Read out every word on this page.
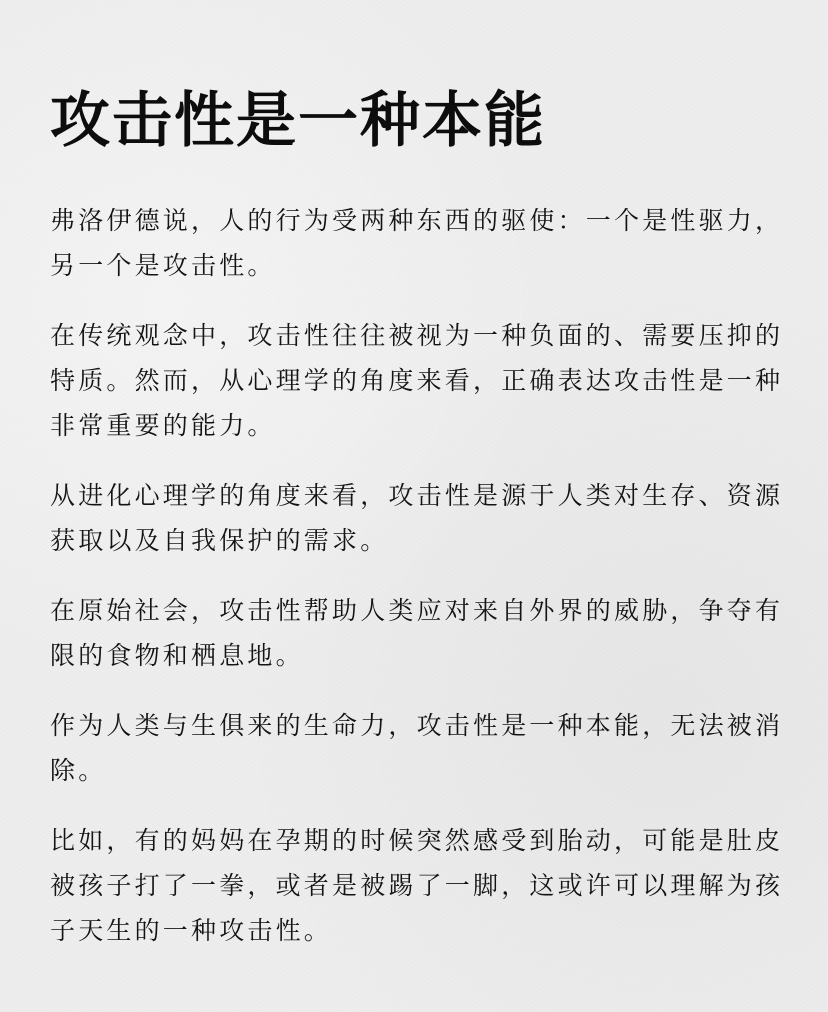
攻击性是一种本能

弗洛伊德说，人的行为受两种东西的驱使：一个是性驱力，另一个是攻击性。

在传统观念中，攻击性往往被视为一种负面的、需要压抑的特质。然而，从心理学的角度来看，正确表达攻击性是一种非常重要的能力。

从进化心理学的角度来看，攻击性是源于人类对生存、资源获取以及自我保护的需求。

在原始社会，攻击性帮助人类应对来自外界的威胁，争夺有限的食物和栖息地。

作为人类与生俱来的生命力，攻击性是一种本能，无法被消除。

比如，有的妈妈在孕期的时候突然感受到胎动，可能是肚皮被孩子打了一拳，或者是被踢了一脚，这或许可以理解为孩子天生的一种攻击性。
